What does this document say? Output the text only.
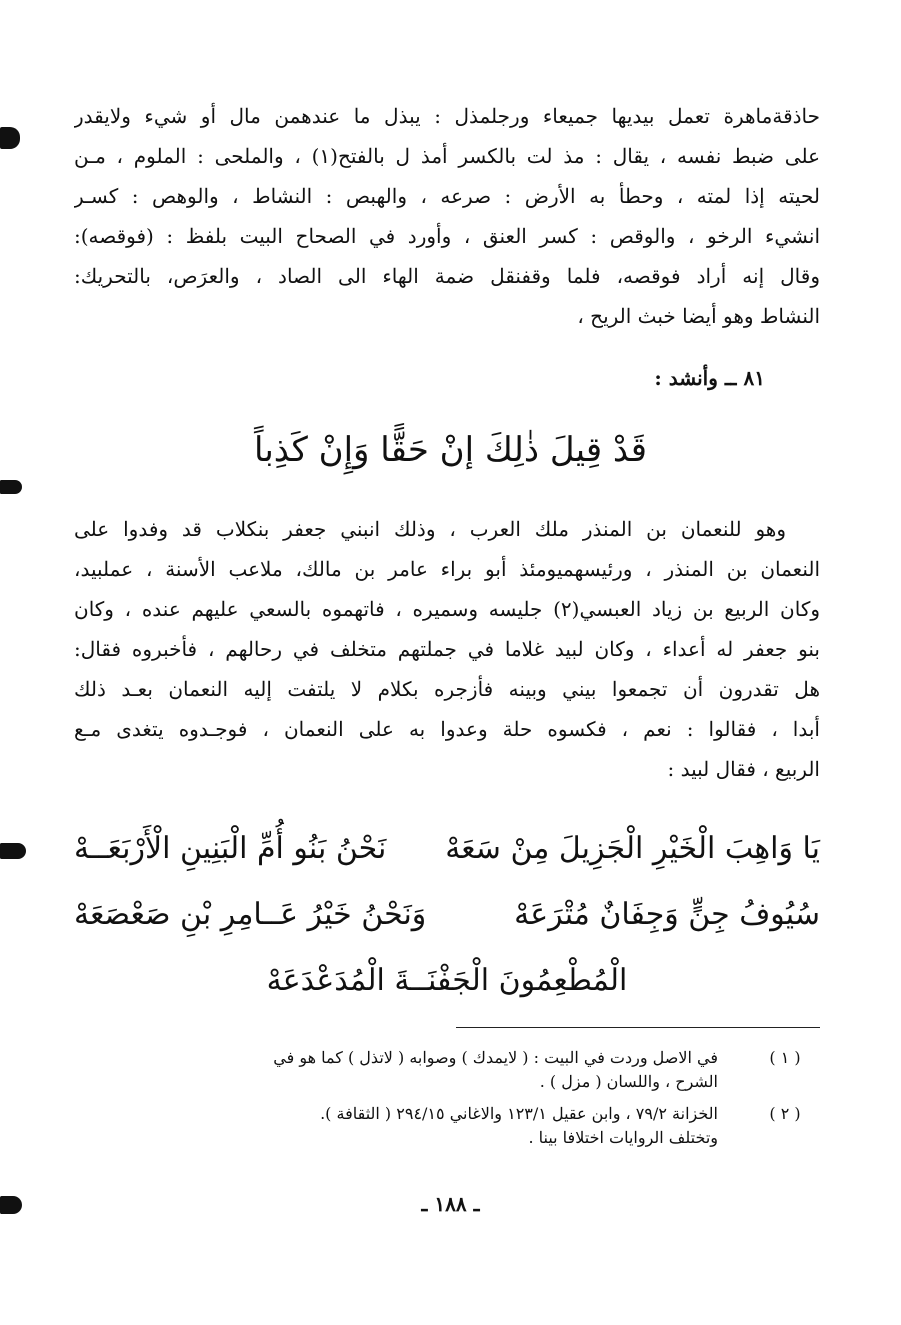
حاذقةماهرة تعمل بيديها جميعاء ورجلمذل : يبذل ما عندهمن مال أو شيء ولايقدر
على ضبط نفسه ، يقال : مذ لت بالكسر أمذ ل بالفتح(١) ، والملحى : الملوم ، مـن
لحيته إذا لمته ، وحطأ به الأرض : صرعه ، والهبص : النشاط ، والوهص : كسـر
انشيء الرخو ، والوقص : كسر العنق ، وأورد في الصحاح البيت بلفظ : (فوقصه):
وقال إنه أراد فوقصه، فلما وقفنقل ضمة الهاء الى الصاد ، والعرَص، بالتحريك:
النشاط وهو أيضا خبث الريح ،
٨١ ــ وأنشد :
قَدْ قِيلَ ذٰلِكَ إنْ حَقًّا وَإِنْ كَذِباً
وهو للنعمان بن المنذر ملك العرب ، وذلك انبني جعفر بنكلاب قد وفدوا على
النعمان بن المنذر ، ورئيسهميومئذ أبو براء عامر بن مالك، ملاعب الأسنة ، عملبيد،
وكان الربيع بن زياد العبسي(٢) جليسه وسميره ، فاتهموه بالسعي عليهم عنده ، وكان
بنو جعفر له أعداء ، وكان لبيد غلاما في جملتهم متخلف في رحالهم ، فأخبروه فقال:
هل تقدرون أن تجمعوا بيني وبينه فأزجره بكلام لا يلتفت إليه النعمان بعـد ذلك
أبدا ، فقالوا : نعم ، فكسوه حلة وعدوا به على النعمان ، فوجـدوه يتغدى مـع
الربيع ، فقال لبيد :
يَا وَاهِبَ الْخَيْرِ الْجَزِيلَ مِنْ سَعَهْ
نَحْنُ بَنُو أُمِّ الْبَنِينِ الْأَرْبَعَــهْ
سُيُوفُ جِنٍّ وَجِفَانٌ مُتْرَعَهْ
وَنَحْنُ خَيْرُ عَــامِرِ بْنِ صَعْصَعَهْ
الْمُطْعِمُونَ الْجَفْنَــةَ الْمُدَعْدَعَهْ
( ١ )
في الاصل وردت في البيت : ( لايمدك ) وصوابه ( لاتذل ) كما هو في
الشرح ، واللسان ( مزل ) .
( ٢ )
الخزانة ٧٩/٢ ، وابن عقيل ١٢٣/١ والاغاني ٢٩٤/١٥ ( الثقافة ).
وتختلف الروايات اختلافا بينا .
ـ ١٨٨ ـ
